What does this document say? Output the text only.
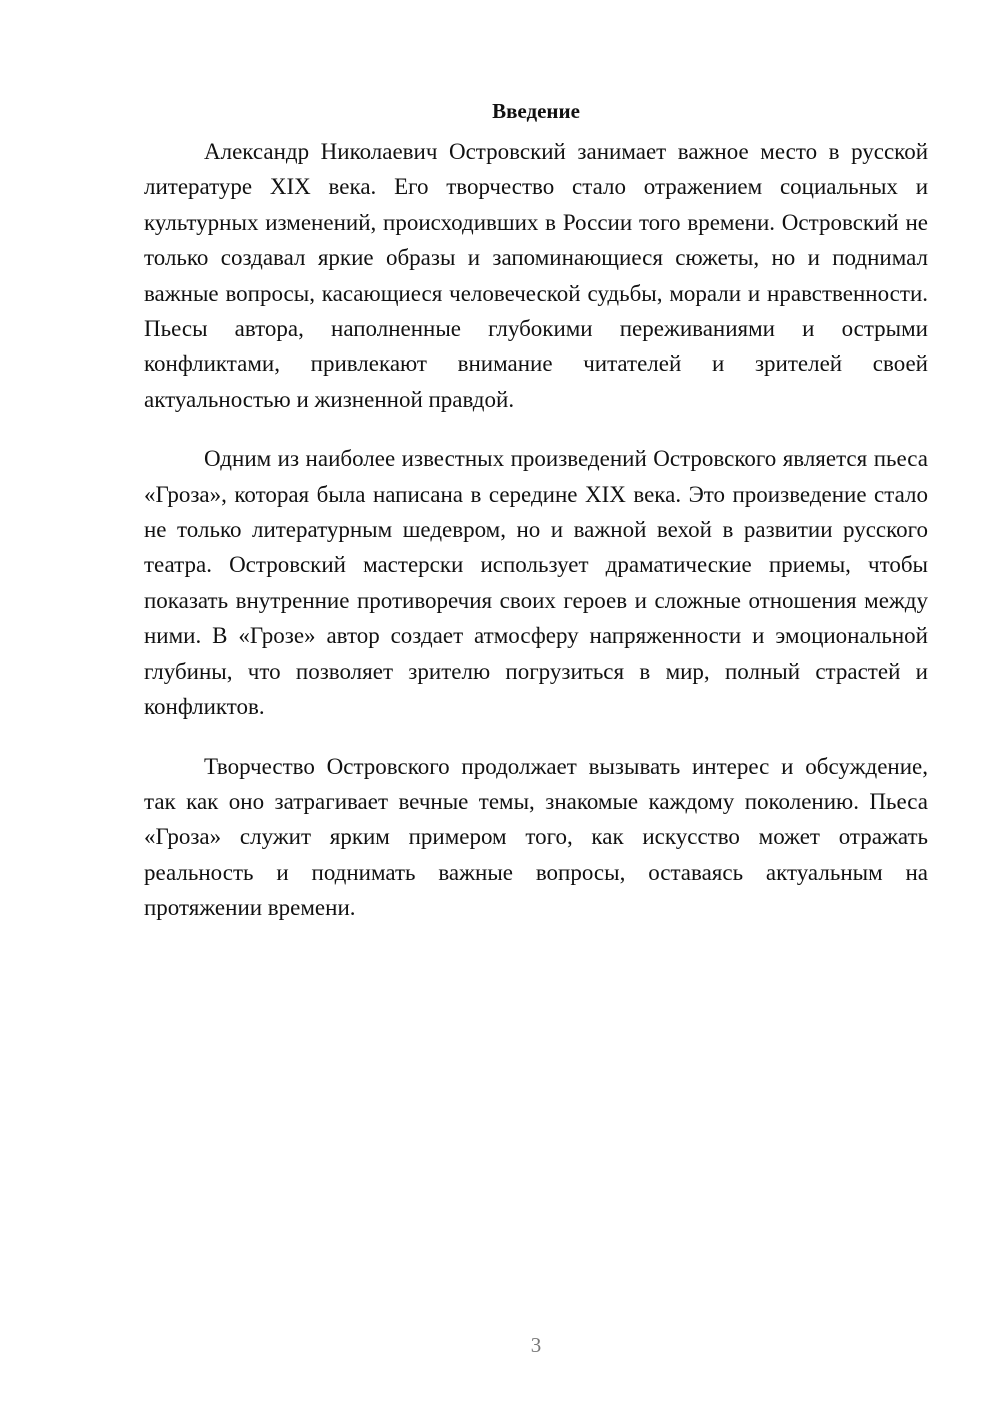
Введение

Александр Николаевич Островский занимает важное место в русской литературе XIX века. Его творчество стало отражением социальных и культурных изменений, происходивших в России того времени. Островский не только создавал яркие образы и запоминающиеся сюжеты, но и поднимал важные вопросы, касающиеся человеческой судьбы, морали и нравственности. Пьесы автора, наполненные глубокими переживаниями и острыми конфликтами, привлекают внимание читателей и зрителей своей актуальностью и жизненной правдой.

Одним из наиболее известных произведений Островского является пьеса «Гроза», которая была написана в середине XIX века. Это произведение стало не только литературным шедевром, но и важной вехой в развитии русского театра. Островский мастерски использует драматические приемы, чтобы показать внутренние противоречия своих героев и сложные отношения между ними. В «Грозе» автор создает атмосферу напряженности и эмоциональной глубины, что позволяет зрителю погрузиться в мир, полный страстей и конфликтов.

Творчество Островского продолжает вызывать интерес и обсуждение, так как оно затрагивает вечные темы, знакомые каждому поколению. Пьеса «Гроза» служит ярким примером того, как искусство может отражать реальность и поднимать важные вопросы, оставаясь актуальным на протяжении времени.

3
